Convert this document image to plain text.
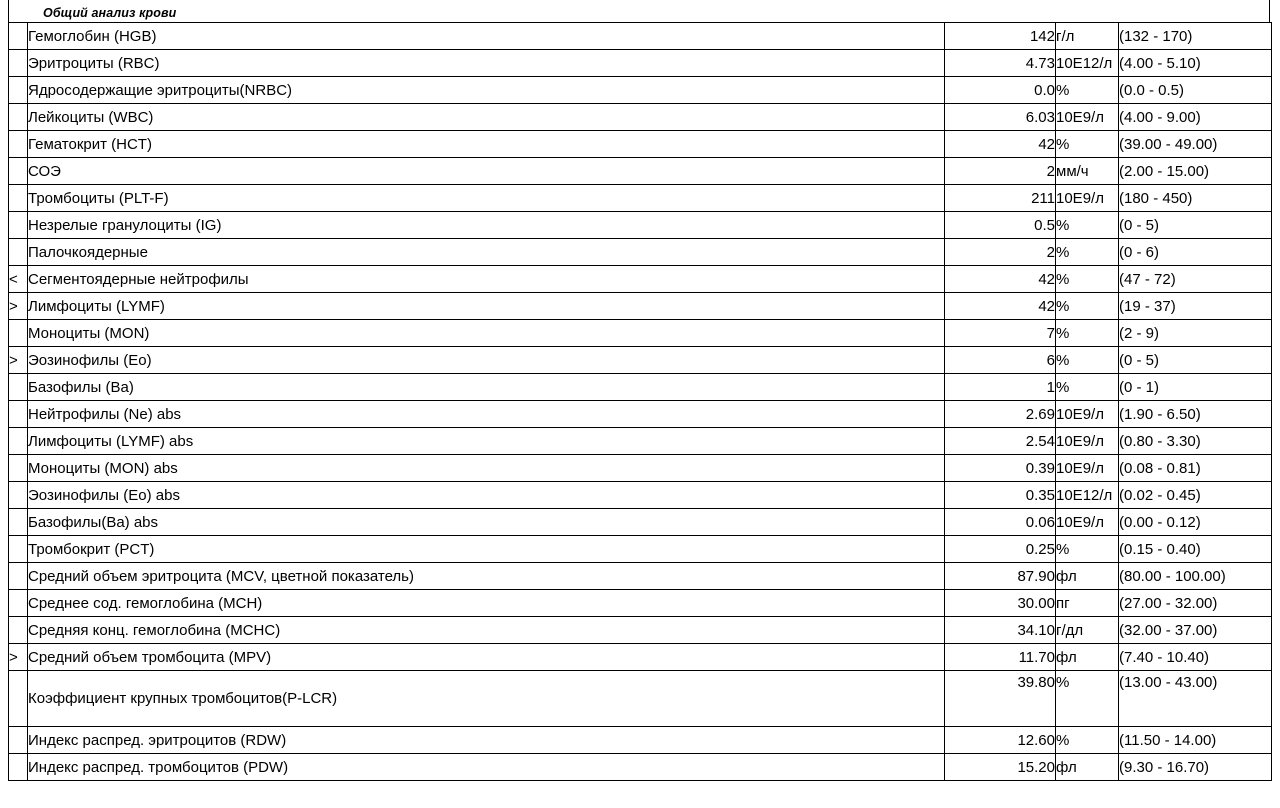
Общий анализ крови
	Гемоглобин (HGB)	142	г/л	(132 - 170)
	Эритроциты (RBC)	4.73	10E12/л	(4.00 - 5.10)
	Ядросодержащие эритроциты(NRBC)	0.0	%	(0.0 - 0.5)
	Лейкоциты (WBC)	6.03	10E9/л	(4.00 - 9.00)
	Гематокрит (HCT)	42	%	(39.00 - 49.00)
	СОЭ	2	мм/ч	(2.00 - 15.00)
	Тромбоциты (PLT-F)	211	10E9/л	(180 - 450)
	Незрелые гранулоциты (IG)	0.5	%	(0 - 5)
	Палочкоядерные	2	%	(0 - 6)
<	Сегментоядерные нейтрофилы	42	%	(47 - 72)
>	Лимфоциты (LYMF)	42	%	(19 - 37)
	Моноциты (MON)	7	%	(2 - 9)
>	Эозинофилы (Eo)	6	%	(0 - 5)
	Базофилы (Ba)	1	%	(0 - 1)
	Нейтрофилы (Ne) abs	2.69	10E9/л	(1.90 - 6.50)
	Лимфоциты (LYMF) abs	2.54	10E9/л	(0.80 - 3.30)
	Моноциты (MON) abs	0.39	10E9/л	(0.08 - 0.81)
	Эозинофилы (Eo) abs	0.35	10E12/л	(0.02 - 0.45)
	Базофилы(Ba) abs	0.06	10E9/л	(0.00 - 0.12)
	Тромбокрит (PCT)	0.25	%	(0.15 - 0.40)
	Средний объем эритроцита (MCV, цветной показатель)	87.90	фл	(80.00 - 100.00)
	Среднее сод. гемоглобина (MCH)	30.00	пг	(27.00 - 32.00)
	Средняя конц. гемоглобина (MCHC)	34.10	г/дл	(32.00 - 37.00)
>	Средний объем тромбоцита (MPV)	11.70	фл	(7.40 - 10.40)
	Коэффициент крупных тромбоцитов(P-LCR)	39.80	%	(13.00 - 43.00)
	Индекс распред. эритроцитов (RDW)	12.60	%	(11.50 - 14.00)
	Индекс распред. тромбоцитов (PDW)	15.20	фл	(9.30 - 16.70)
